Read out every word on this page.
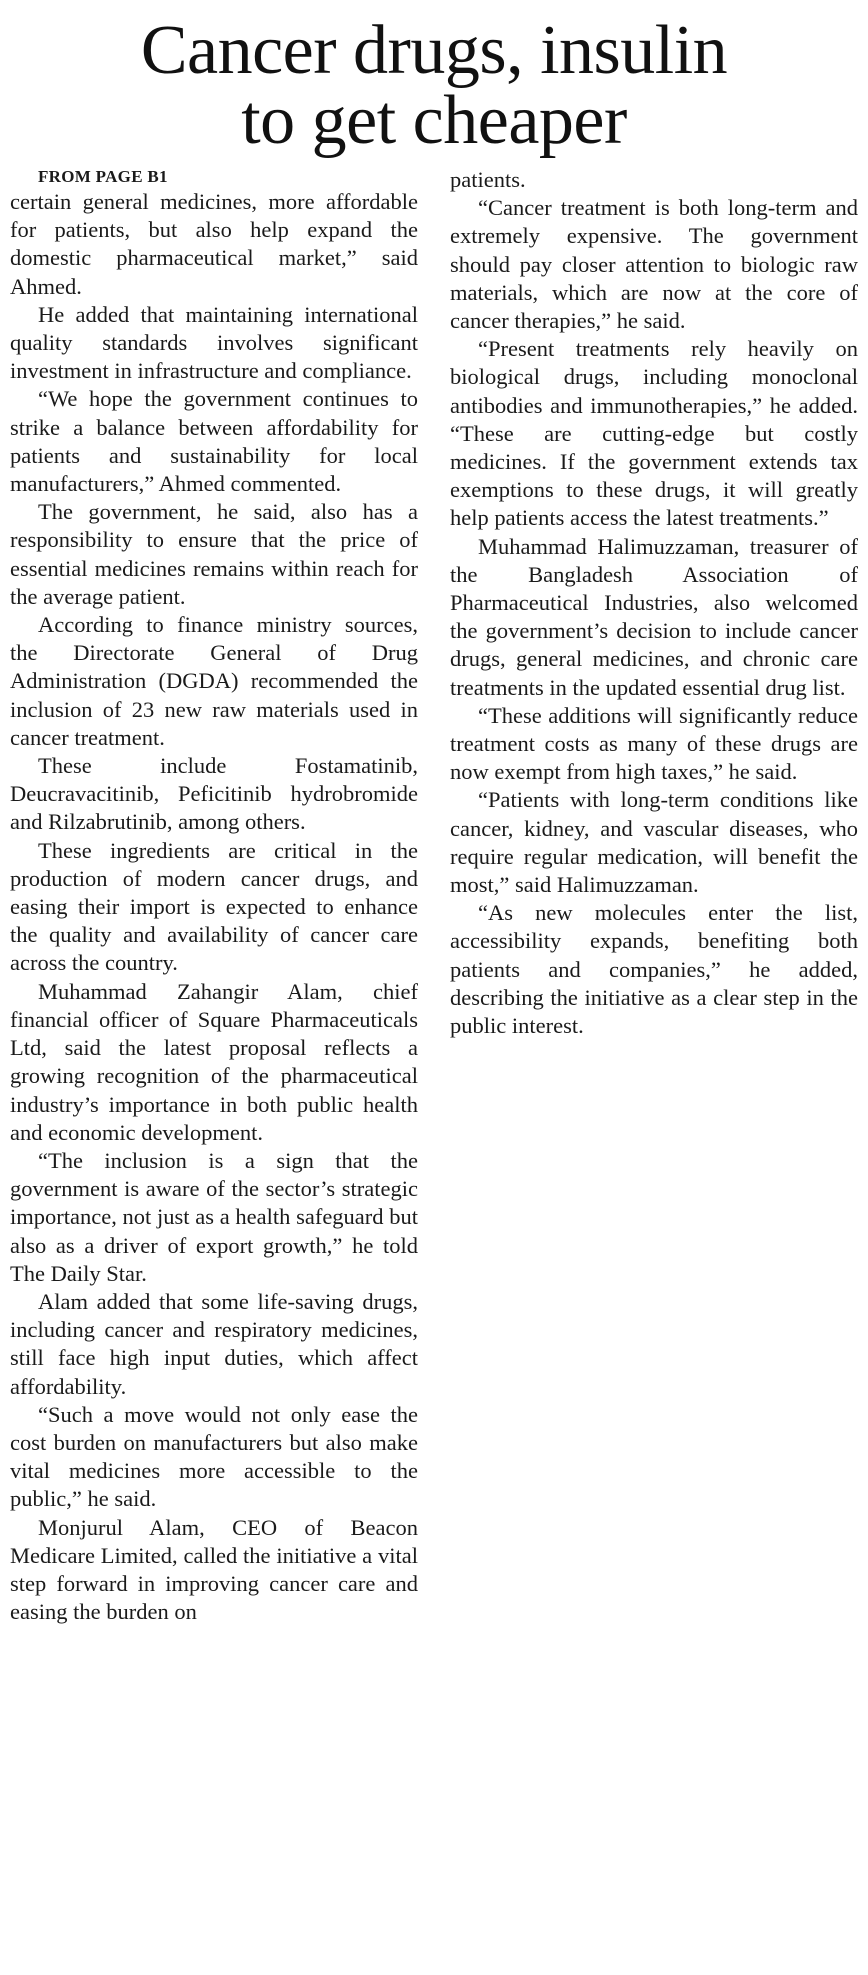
Cancer drugs, insulin
to get cheaper

FROM PAGE B1

certain general medicines, more affordable for patients, but also help expand the domestic pharmaceutical market,” said Ahmed.

He added that maintaining international quality standards involves significant investment in infrastructure and compliance.

“We hope the government continues to strike a balance between affordability for patients and sustainability for local manufacturers,” Ahmed commented.

The government, he said, also has a responsibility to ensure that the price of essential medicines remains within reach for the average patient.

According to finance ministry sources, the Directorate General of Drug Administration (DGDA) recommended the inclusion of 23 new raw materials used in cancer treatment.

These include Fostamatinib, Deucravacitinib, Peficitinib hydrobromide and Rilzabrutinib, among others.

These ingredients are critical in the production of modern cancer drugs, and easing their import is expected to enhance the quality and availability of cancer care across the country.

Muhammad Zahangir Alam, chief financial officer of Square Pharmaceuticals Ltd, said the latest proposal reflects a growing recognition of the pharmaceutical industry’s importance in both public health and economic development.

“The inclusion is a sign that the government is aware of the sector’s strategic importance, not just as a health safeguard but also as a driver of export growth,” he told The Daily Star.

Alam added that some life-saving drugs, including cancer and respiratory medicines, still face high input duties, which affect affordability.

“Such a move would not only ease the cost burden on manufacturers but also make vital medicines more accessible to the public,” he said.

Monjurul Alam, CEO of Beacon Medicare Limited, called the initiative a vital step forward in improving cancer care and easing the burden on

patients.

“Cancer treatment is both long-term and extremely expensive. The government should pay closer attention to biologic raw materials, which are now at the core of cancer therapies,” he said.

“Present treatments rely heavily on biological drugs, including monoclonal antibodies and immunotherapies,” he added. “These are cutting-edge but costly medicines. If the government extends tax exemptions to these drugs, it will greatly help patients access the latest treatments.”

Muhammad Halimuzzaman, treasurer of the Bangladesh Association of Pharmaceutical Industries, also welcomed the government’s decision to include cancer drugs, general medicines, and chronic care treatments in the updated essential drug list.

“These additions will significantly reduce treatment costs as many of these drugs are now exempt from high taxes,” he said.

“Patients with long-term conditions like cancer, kidney, and vascular diseases, who require regular medication, will benefit the most,” said Halimuzzaman.

“As new molecules enter the list, accessibility expands, benefiting both patients and companies,” he added, describing the initiative as a clear step in the public interest.
